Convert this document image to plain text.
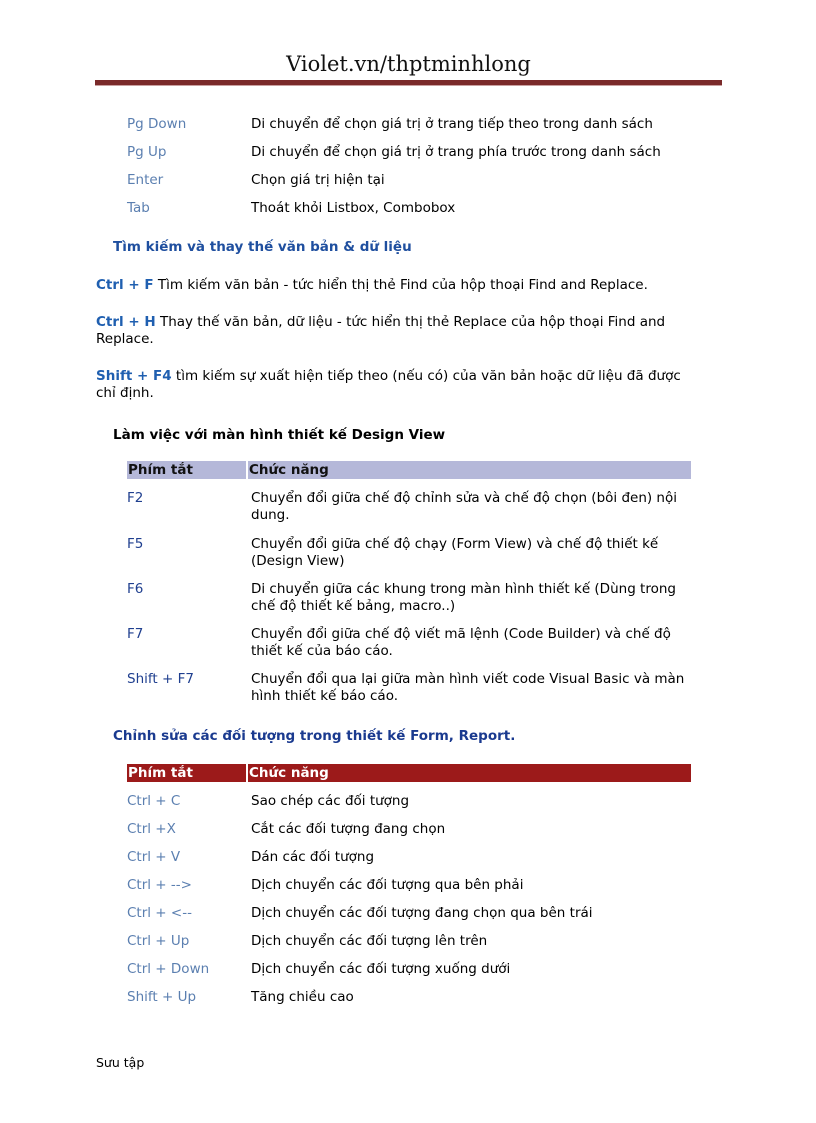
Violet.vn/thptminhlong
Pg Down	Di chuyển để chọn giá trị ở trang tiếp theo trong danh sách
Pg Up	Di chuyển để chọn giá trị ở trang phía trước trong danh sách
Enter	Chọn giá trị hiện tại
Tab	Thoát khỏi Listbox, Combobox
Tìm kiếm và thay thế văn bản & dữ liệu
Ctrl + F Tìm kiếm văn bản - tức hiển thị thẻ Find của hộp thoại Find and Replace.
Ctrl + H Thay thế văn bản, dữ liệu - tức hiển thị thẻ Replace của hộp thoại Find and Replace.
Shift + F4 tìm kiếm sự xuất hiện tiếp theo (nếu có) của văn bản hoặc dữ liệu đã được chỉ định.
Làm việc với màn hình thiết kế Design View
Phím tắt	Chức năng
F2	Chuyển đổi giữa chế độ chỉnh sửa và chế độ chọn (bôi đen) nội dung.
F5	Chuyển đổi giữa chế độ chạy (Form View) và chế độ thiết kế (Design View)
F6	Di chuyển giữa các khung trong màn hình thiết kế (Dùng trong chế độ thiết kế bảng, macro..)
F7	Chuyển đổi giữa chế độ viết mã lệnh (Code Builder) và chế độ thiết kế của báo cáo.
Shift + F7	Chuyển đổi qua lại giữa màn hình viết code Visual Basic và màn hình thiết kế báo cáo.
Chỉnh sửa các đối tượng trong thiết kế Form, Report.
Phím tắt	Chức năng
Ctrl + C	Sao chép các đối tượng
Ctrl +X	Cắt các đối tượng đang chọn
Ctrl + V	Dán các đối tượng
Ctrl + -->	Dịch chuyển các đối tượng qua bên phải
Ctrl + <--	Dịch chuyển các đối tượng đang chọn qua bên trái
Ctrl + Up	Dịch chuyển các đối tượng lên trên
Ctrl + Down	Dịch chuyển các đối tượng xuống dưới
Shift + Up	Tăng chiều cao
Sưu tập
